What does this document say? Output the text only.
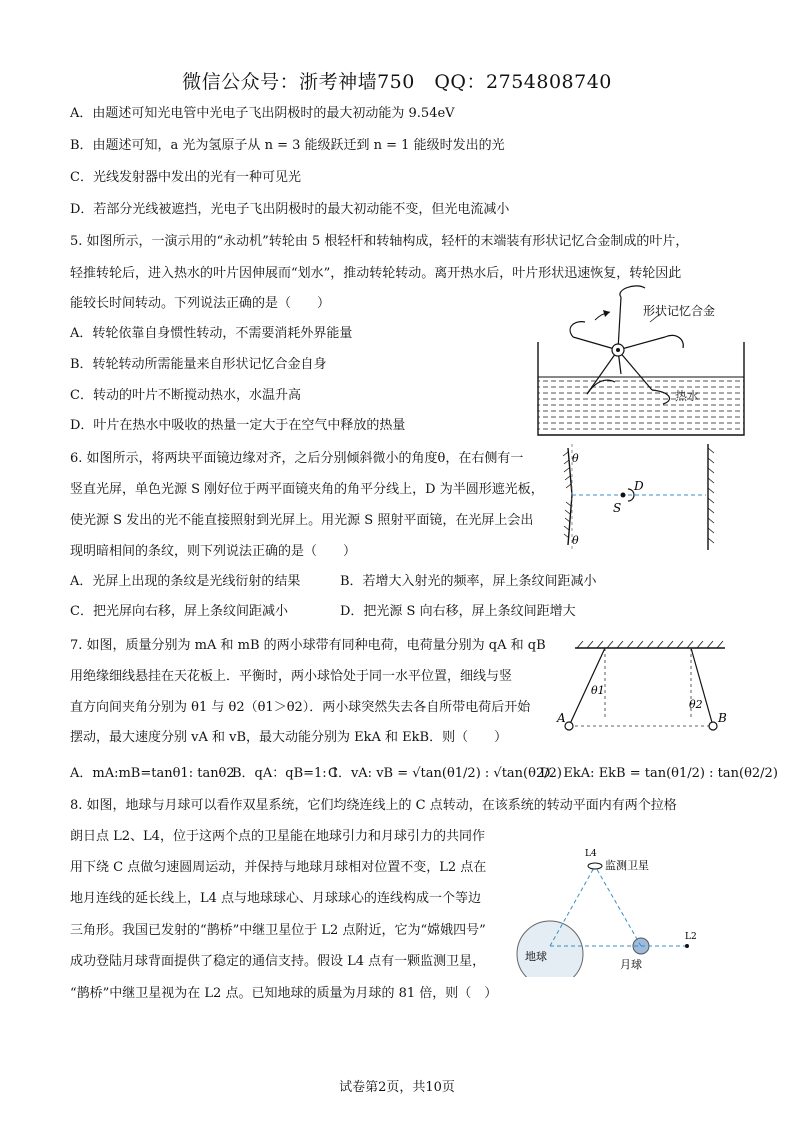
微信公众号：浙考神墙750　QQ：2754808740
A．由题述可知光电管中光电子飞出阴极时的最大初动能为 9.54eV
B．由题述可知，a 光为氢原子从 n = 3 能级跃迁到 n = 1 能级时发出的光
C．光线发射器中发出的光有一种可见光
D．若部分光线被遮挡，光电子飞出阴极时的最大初动能不变，但光电流减小
5. 如图所示，一演示用的“永动机”转轮由 5 根轻杆和转轴构成，轻杆的末端装有形状记忆合金制成的叶片，
轻推转轮后，进入热水的叶片因伸展而“划水”，推动转轮转动。离开热水后，叶片形状迅速恢复，转轮因此
能较长时间转动。下列说法正确的是（　　）
A．转轮依靠自身惯性转动，不需要消耗外界能量
B．转轮转动所需能量来自形状记忆合金自身
C．转动的叶片不断搅动热水，水温升高
D．叶片在热水中吸收的热量一定大于在空气中释放的热量
形状记忆合金
热水
6. 如图所示，将两块平面镜边缘对齐，之后分别倾斜微小的角度θ，在右侧有一
竖直光屏，单色光源 S 刚好位于两平面镜夹角的角平分线上，D 为半圆形遮光板，
使光源 S 发出的光不能直接照射到光屏上。用光源 S 照射平面镜，在光屏上会出
现明暗相间的条纹，则下列说法正确的是（　　）
A．光屏上出现的条纹是光线衍射的结果	B．若增大入射光的频率，屏上条纹间距减小
C．把光屏向右移，屏上条纹间距减小	D．把光源 S 向右移，屏上条纹间距增大
θ
θ
S
D
7. 如图，质量分别为 mA 和 mB 的两小球带有同种电荷，电荷量分别为 qA 和 qB
用绝缘细线悬挂在天花板上．平衡时，两小球恰处于同一水平位置，细线与竖
直方向间夹角分别为 θ1 与 θ2（θ1＞θ2）．两小球突然失去各自所带电荷后开始
摆动，最大速度分别 vA 和 vB，最大动能分别为 EkA 和 EkB．则（　　）
A．mA:mB=tanθ1: tanθ2
B．qA：qB=1: 1
C．vA: vB = √tan(θ1/2) : √tan(θ2/2)
D．EkA: EkB = tan(θ1/2) : tan(θ2/2)
A	B
θ1
θ2
8. 如图，地球与月球可以看作双星系统，它们均绕连线上的 C 点转动，在该系统的转动平面内有两个拉格
朗日点 L2、L4，位于这两个点的卫星能在地球引力和月球引力的共同作
用下绕 C 点做匀速圆周运动，并保持与地球月球相对位置不变，L2 点在
地月连线的延长线上，L4 点与地球球心、月球球心的连线构成一个等边
三角形。我国已发射的“鹊桥”中继卫星位于 L2 点附近，它为“嫦娥四号”
成功登陆月球背面提供了稳定的通信支持。假设 L4 点有一颗监测卫星，
“鹊桥”中继卫星视为在 L2 点。已知地球的质量为月球的 81 倍，则（　）
L4
监测卫星
地球
月球
L2
试卷第2页，共10页
